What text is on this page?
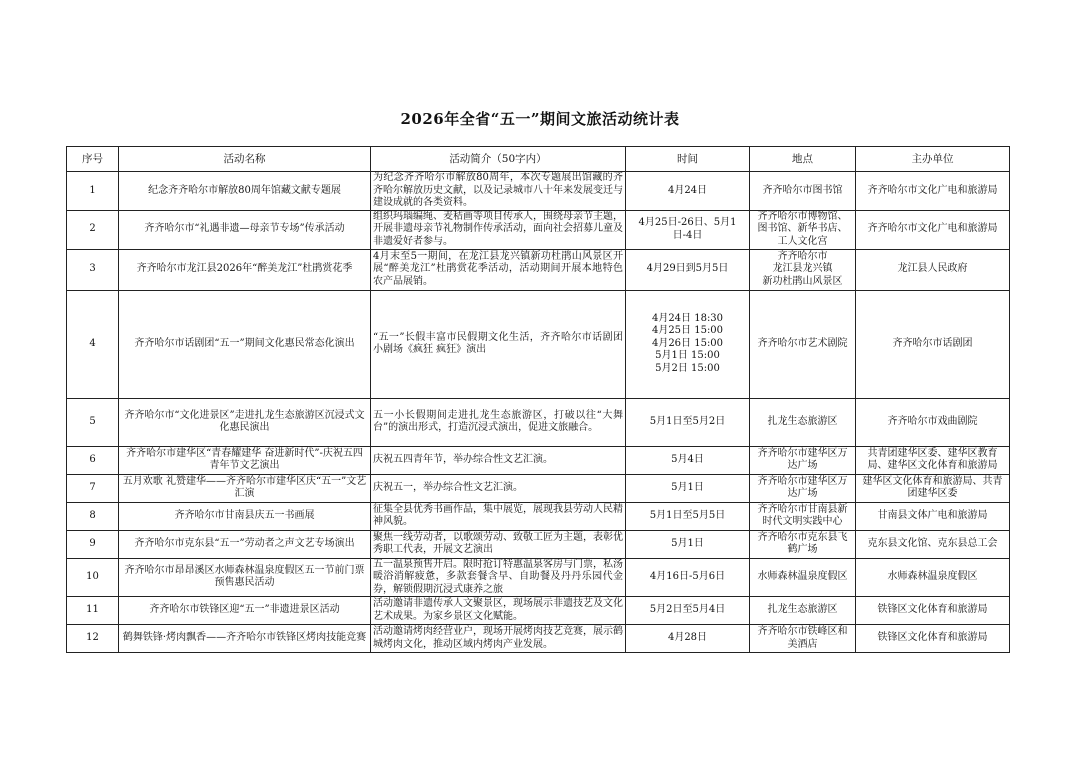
2026年全省“五一”期间文旅活动统计表
序号	活动名称	活动简介（50字内）	时间	地点	主办单位
1	纪念齐齐哈尔市解放80周年馆藏文献专题展	为纪念齐齐哈尔市解放80周年，本次专题展出馆藏的齐齐哈尔解放历史文献，以及记录城市八十年来发展变迁与建设成就的各类资料。	4月24日	齐齐哈尔市图书馆	齐齐哈尔市文化广电和旅游局
2	齐齐哈尔市“礼遇非遗—母亲节专场”传承活动	组织玛瑙编绳、麦秸画等项目传承人，围绕母亲节主题，开展非遗母亲节礼物制作传承活动，面向社会招募儿童及非遗爱好者参与。	4月25日-26日、5月1日-4日	齐齐哈尔市博物馆、
图书馆、新华书店、
工人文化宫	齐齐哈尔市文化广电和旅游局
3	齐齐哈尔市龙江县2026年“醉美龙江”杜鹃赏花季	4月末至5一期间，在龙江县龙兴镇新功杜鹃山风景区开展“醉美龙江”杜鹃赏花季活动，活动期间开展本地特色农产品展销。	4月29日到5月5日	齐齐哈尔市
龙江县龙兴镇
新功杜鹃山风景区	龙江县人民政府
4	齐齐哈尔市话剧团“五一”期间文化惠民常态化演出	“五一”长假丰富市民假期文化生活，齐齐哈尔市话剧团小剧场《疯狂 疯狂》演出	4月24日 18:30
4月25日 15:00
4月26日 15:00
5月1日 15:00
5月2日 15:00	齐齐哈尔市艺术剧院	齐齐哈尔市话剧团
5	齐齐哈尔市“文化进景区”走进扎龙生态旅游区沉浸式文化惠民演出	五一小长假期间走进扎龙生态旅游区，打破以往“大舞台”的演出形式，打造沉浸式演出，促进文旅融合。	5月1日至5月2日	扎龙生态旅游区	齐齐哈尔市戏曲剧院
6	齐齐哈尔市建华区“青春耀建华 奋进新时代”-庆祝五四青年节文艺演出	庆祝五四青年节，举办综合性文艺汇演。	5月4日	齐齐哈尔市建华区万
达广场	共青团建华区委、建华区教育局、建华区文化体育和旅游局
7	五月欢歌 礼赞建华——齐齐哈尔市建华区庆“五一”文艺汇演	庆祝五一，举办综合性文艺汇演。	5月1日	齐齐哈尔市建华区万
达广场	建华区文化体育和旅游局、共青团建华区委
8	齐齐哈尔市甘南县庆五一书画展	征集全县优秀书画作品，集中展览，展现我县劳动人民精神风貌。	5月1日至5月5日	齐齐哈尔市甘南县新
时代文明实践中心	甘南县文体广电和旅游局
9	齐齐哈尔市克东县“五一”劳动者之声文艺专场演出	聚焦一线劳动者，以歌颂劳动、致敬工匠为主题，表彰优秀职工代表，开展文艺演出	5月1日	齐齐哈尔市克东县飞
鹤广场	克东县文化馆、克东县总工会
10	齐齐哈尔市昂昂溪区水师森林温泉度假区五一节前门票预售惠民活动	五一温泉预售开启。限时抢订特惠温泉客房与门票，私汤暖浴消解疲惫，多款套餐含早、自助餐及丹丹乐园代金券，解锁假期沉浸式康养之旅	4月16日-5月6日	水师森林温泉度假区	水师森林温泉度假区
11	齐齐哈尔市铁锋区迎“五一”非遗进景区活动	活动邀请非遗传承人文聚景区，现场展示非遗技艺及文化艺术成果。为家乡景区文化赋能。	5月2日至5月4日	扎龙生态旅游区	铁锋区文化体育和旅游局
12	鹤舞铁锋·烤肉飘香——齐齐哈尔市铁锋区烤肉技能竞赛	活动邀请烤肉经营业户，现场开展烤肉技艺竞赛，展示鹤城烤肉文化，推动区域内烤肉产业发展。	4月28日	齐齐哈尔市铁峰区和
美酒店	铁锋区文化体育和旅游局
